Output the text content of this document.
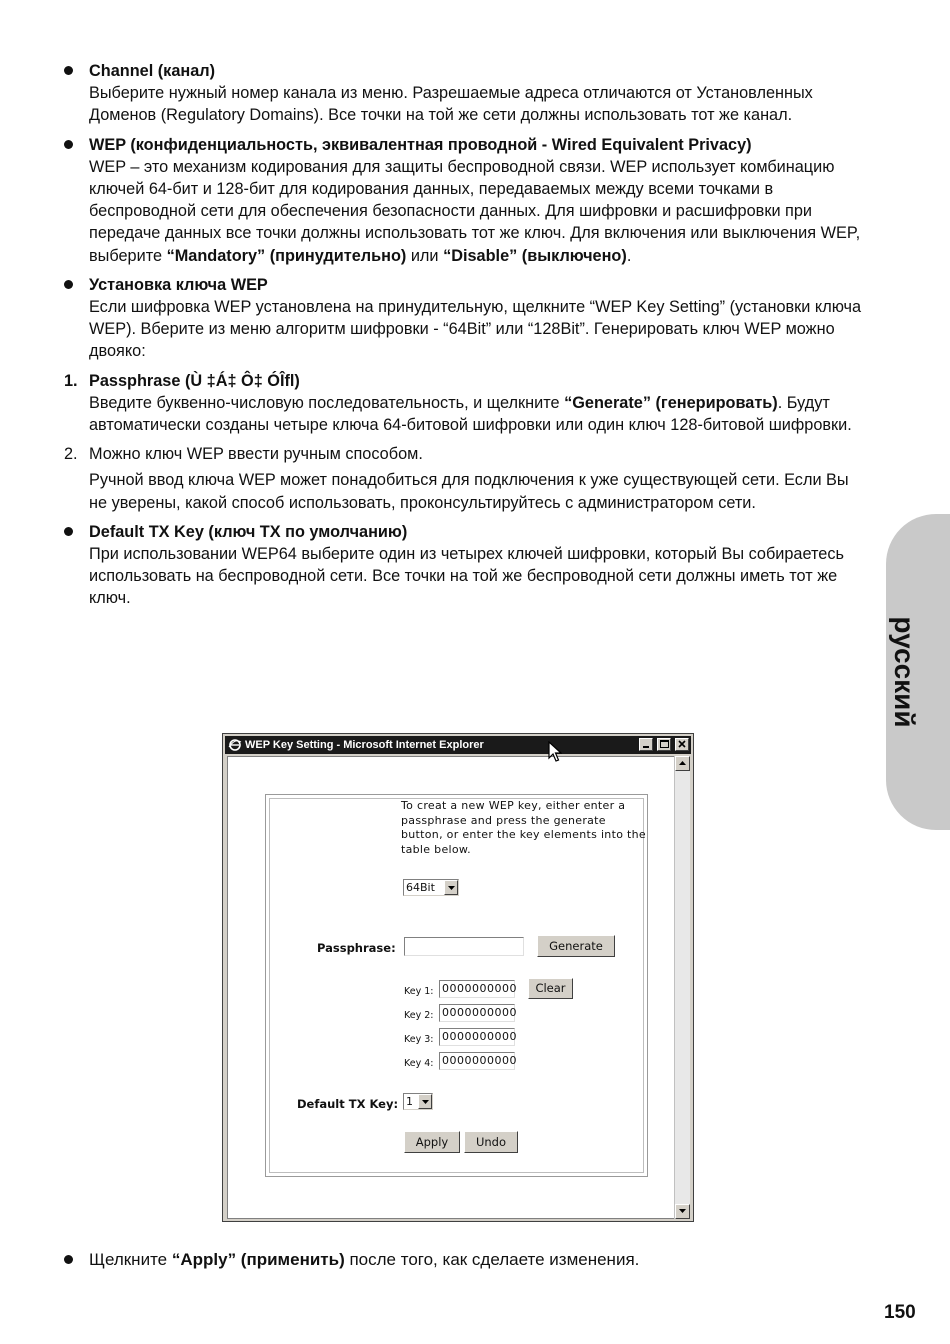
Channel (канал)
Выберите нужный номер канала из меню. Разрешаемые адреса отличаются от Установленных Доменов (Regulatory Domains). Все точки на той же сети должны использовать тот же канал.
WEP (конфиденциальность, эквивалентная проводной - Wired Equivalent Privacy)
WEP – это механизм кодирования для защиты беспроводной связи. WEP использует комбинацию ключей 64-бит и 128-бит для кодирования данных, передаваемых между всеми точками в беспроводной сети для обеспечения безопасности данных. Для шифровки и расшифровки при передаче данных все точки должны использовать тот же ключ. Для включения или выключения WEP, выберите “Mandatory” (принудительно) или “Disable” (выключено).
Установка ключа WEP
Если шифровка WEP установлена на принудительную, щелкните “WEP Key Setting” (установки ключа WEP). Вберите из меню алгоритм шифровки - “64Bit” или “128Bit”. Генерировать ключ WEP можно двояко:
1. Passphrase (Ù ‡Á‡ Ô‡ ÓÎfl)
Введите буквенно-числовую последовательность, и щелкните “Generate” (генерировать). Будут автоматически созданы четыре ключа 64-битовой шифровки или один ключ 128-битовой шифровки.
2. Можно ключ WEP ввести ручным способом.
Ручной ввод ключа WEP может понадобиться для подключения к уже существующей сети. Если Вы не уверены, какой способ использовать, проконсультируйтесь с администратором сети.
Default TX Key (ключ TX по умолчанию)
При использовании WEP64 выберите один из четырех ключей шифровки, который Вы собираетесь использовать на беспроводной сети. Все точки на той же беспроводной сети должны иметь тот же ключ.
русский
WEP Key Setting - Microsoft Internet Explorer

To creat a new WEP key, either enter a passphrase and press the generate button, or enter the key elements into the table below.
64Bit
Passphrase:	Generate
Key 1: 0000000000	Clear
Key 2: 0000000000
Key 3: 0000000000
Key 4: 0000000000
Default TX Key: 1
Apply	Undo
Щелкните “Apply” (применить) после того, как сделаете изменения.
150
